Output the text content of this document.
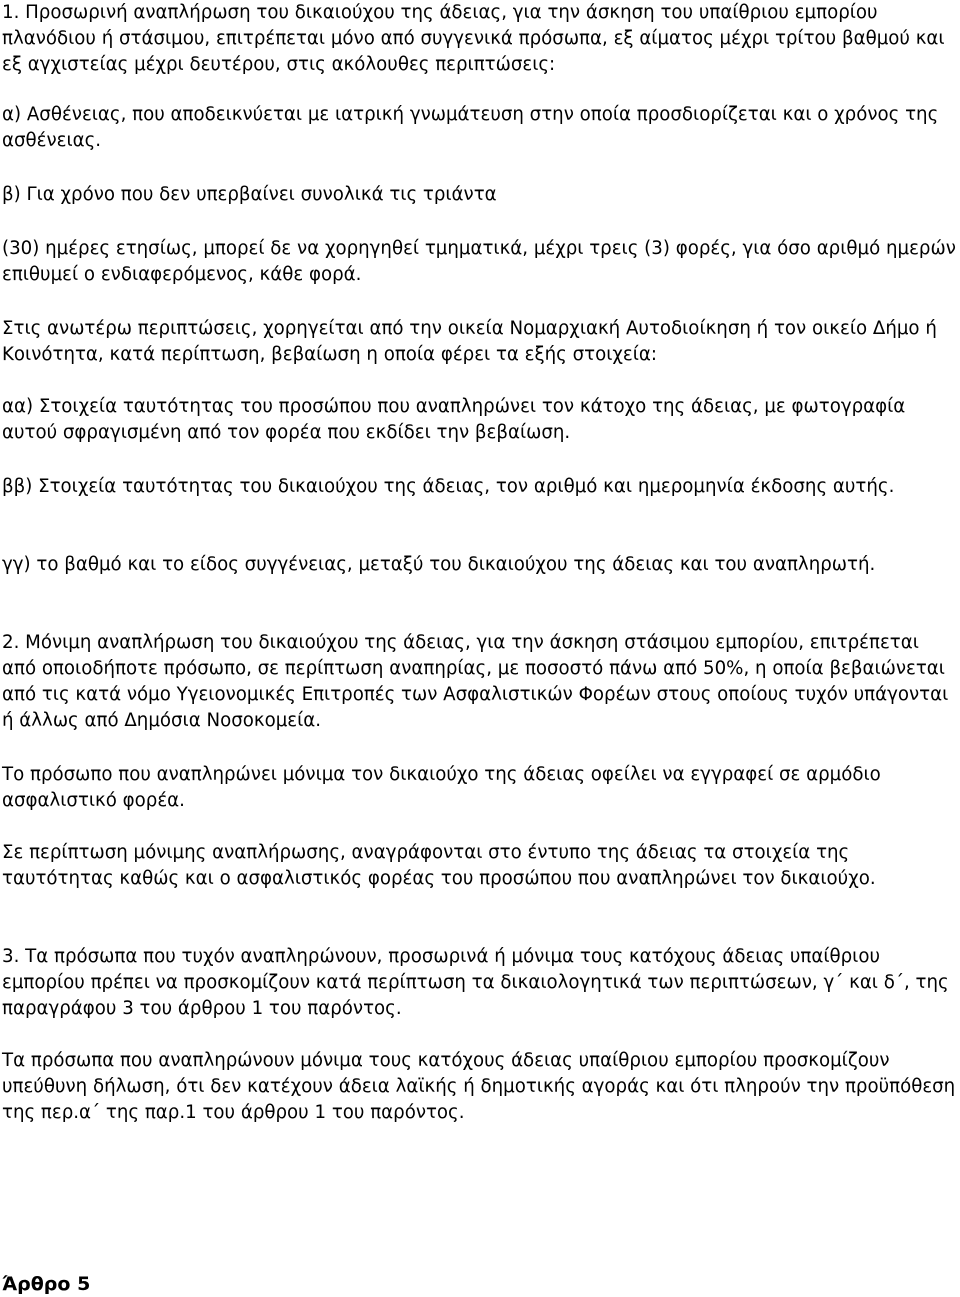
1. Προσωρινή αναπλήρωση του δικαιούχου της άδειας, για την άσκηση του υπαίθριου εμπορίου πλανόδιου ή στάσιμου, επιτρέπεται μόνο από συγγενικά πρόσωπα, εξ αίματος μέχρι τρίτου βαθμού και εξ αγχιστείας μέχρι δευτέρου, στις ακόλουθες περιπτώσεις:

α) Ασθένειας, που αποδεικνύεται με ιατρική γνωμάτευση στην οποία προσδιορίζεται και ο χρόνος της ασθένειας.

β) Για χρόνο που δεν υπερβαίνει συνολικά τις τριάντα

(30) ημέρες ετησίως, μπορεί δε να χορηγηθεί τμηματικά, μέχρι τρεις (3) φορές, για όσο αριθμό ημερών επιθυμεί ο ενδιαφερόμενος, κάθε φορά.

Στις ανωτέρω περιπτώσεις, χορηγείται από την οικεία Νομαρχιακή Αυτοδιοίκηση ή τον οικείο Δήμο ή Κοινότητα, κατά περίπτωση, βεβαίωση η οποία φέρει τα εξής στοιχεία:

αα) Στοιχεία ταυτότητας του προσώπου που αναπληρώνει τον κάτοχο της άδειας, με φωτογραφία αυτού σφραγισμένη από τον φορέα που εκδίδει την βεβαίωση.

ββ) Στοιχεία ταυτότητας του δικαιούχου της άδειας, τον αριθμό και ημερομηνία έκδοσης αυτής.

γγ) το βαθμό και το είδος συγγένειας, μεταξύ του δικαιούχου της άδειας και του αναπληρωτή.

2. Μόνιμη αναπλήρωση του δικαιούχου της άδειας, για την άσκηση στάσιμου εμπορίου, επιτρέπεται από οποιοδήποτε πρόσωπο, σε περίπτωση αναπηρίας, με ποσοστό πάνω από 50%, η οποία βεβαιώνεται από τις κατά νόμο Υγειονομικές Επιτροπές των Ασφαλιστικών Φορέων στους οποίους τυχόν υπάγονται ή άλλως από Δημόσια Νοσοκομεία.

Το πρόσωπο που αναπληρώνει μόνιμα τον δικαιούχο της άδειας οφείλει να εγγραφεί σε αρμόδιο ασφαλιστικό φορέα.

Σε περίπτωση μόνιμης αναπλήρωσης, αναγράφονται στο έντυπο της άδειας τα στοιχεία της ταυτότητας καθώς και ο ασφαλιστικός φορέας του προσώπου που αναπληρώνει τον δικαιούχο.

3. Τα πρόσωπα που τυχόν αναπληρώνουν, προσωρινά ή μόνιμα τους κατόχους άδειας υπαίθριου εμπορίου πρέπει να προσκομίζουν κατά περίπτωση τα δικαιολογητικά των περιπτώσεων, γ΄ και δ΄, της παραγράφου 3 του άρθρου 1 του παρόντος.

Τα πρόσωπα που αναπληρώνουν μόνιμα τους κατόχους άδειας υπαίθριου εμπορίου προσκομίζουν υπεύθυνη δήλωση, ότι δεν κατέχουν άδεια λαϊκής ή δημοτικής αγοράς και ότι πληρούν την προϋπόθεση της περ.α΄ της παρ.1 του άρθρου 1 του παρόντος.

Άρθρο 5
